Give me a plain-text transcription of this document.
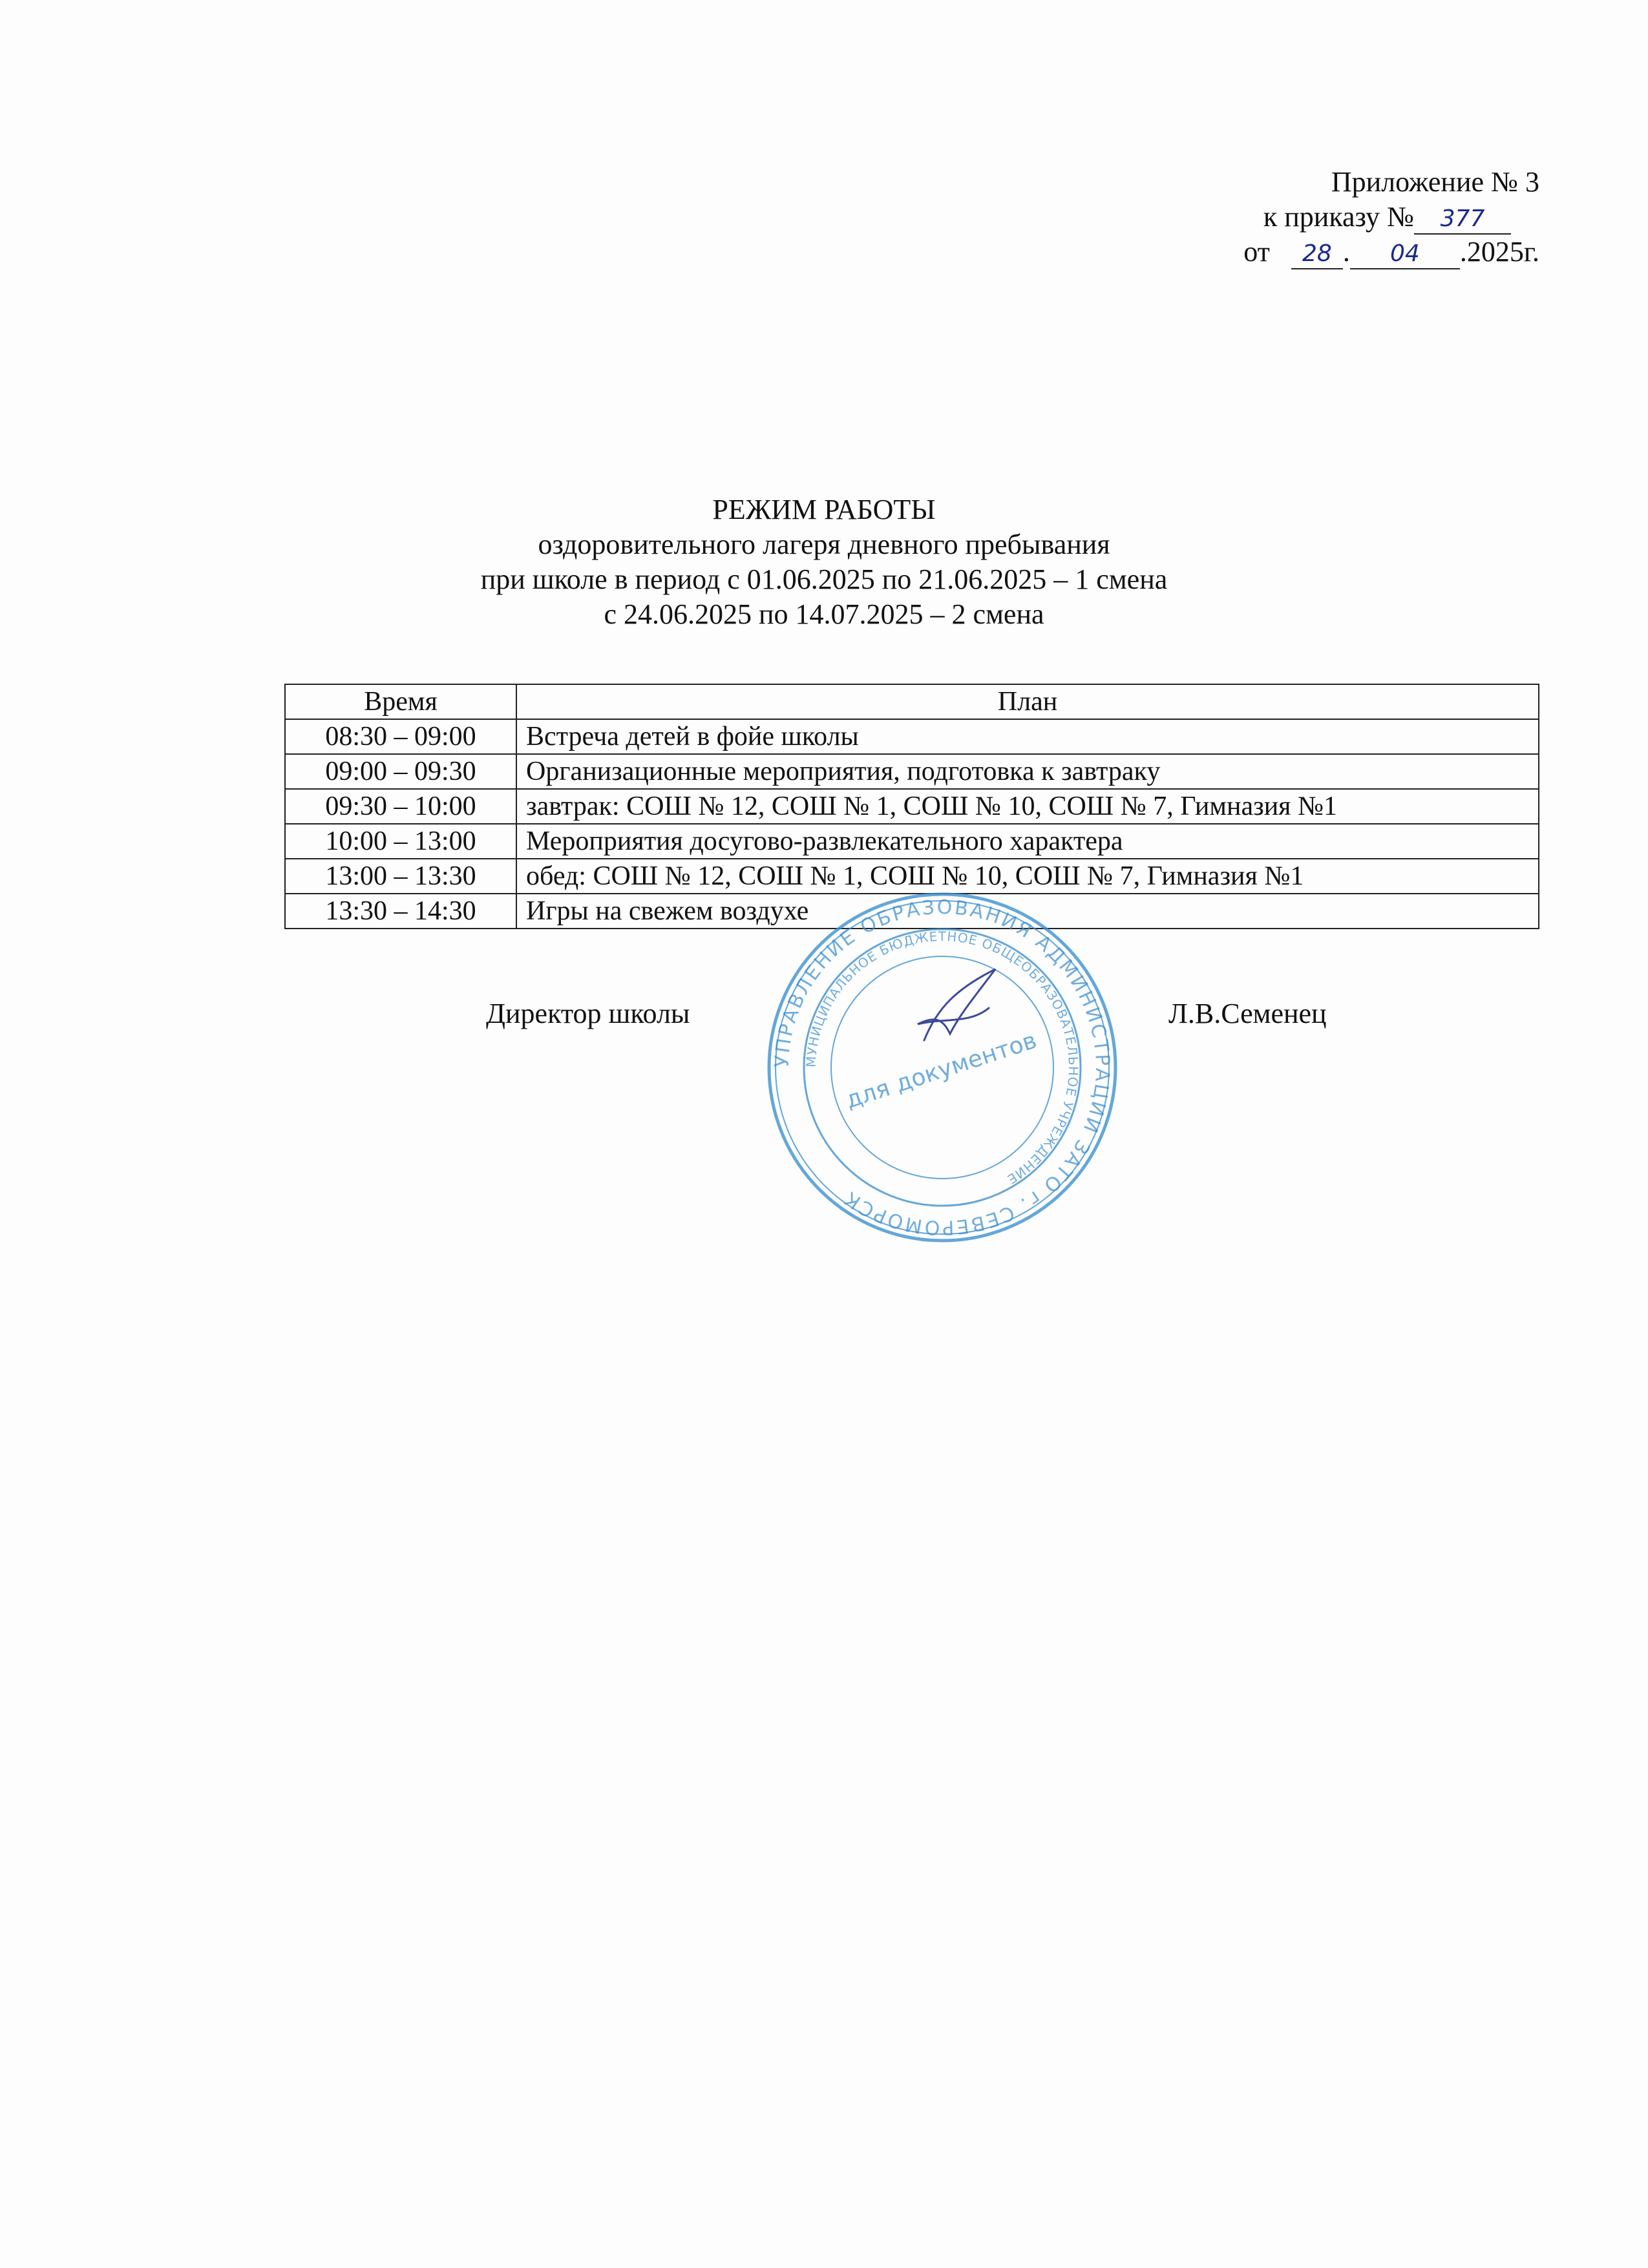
Приложение № 3
к приказу № 377
от 28 . 04 .2025г.
РЕЖИМ РАБОТЫ
оздоровительного лагеря дневного пребывания
при школе в период с 01.06.2025 по 21.06.2025 – 1 смена
с 24.06.2025 по 14.07.2025 – 2 смена
Время	План
08:30 – 09:00	Встреча детей в фойе школы
09:00 – 09:30	Организационные мероприятия, подготовка к завтраку
09:30 – 10:00	завтрак: СОШ № 12, СОШ № 1, СОШ № 10, СОШ № 7, Гимназия №1
10:00 – 13:00	Мероприятия досугово-развлекательного характера
13:00 – 13:30	обед: СОШ № 12, СОШ № 1, СОШ № 10, СОШ № 7, Гимназия №1
13:30 – 14:30	Игры на свежем воздухе
УПРАВЛЕНИЕ ОБРАЗОВАНИЯ АДМИНИСТРАЦИИ ЗАТО г. СЕВЕРОМОРСК
МУНИЦИПАЛЬНОЕ БЮДЖЕТНОЕ ОБЩЕОБРАЗОВАТЕЛЬНОЕ УЧРЕЖДЕНИЕ
для документов
Директор школы	Л.В.Семенец
